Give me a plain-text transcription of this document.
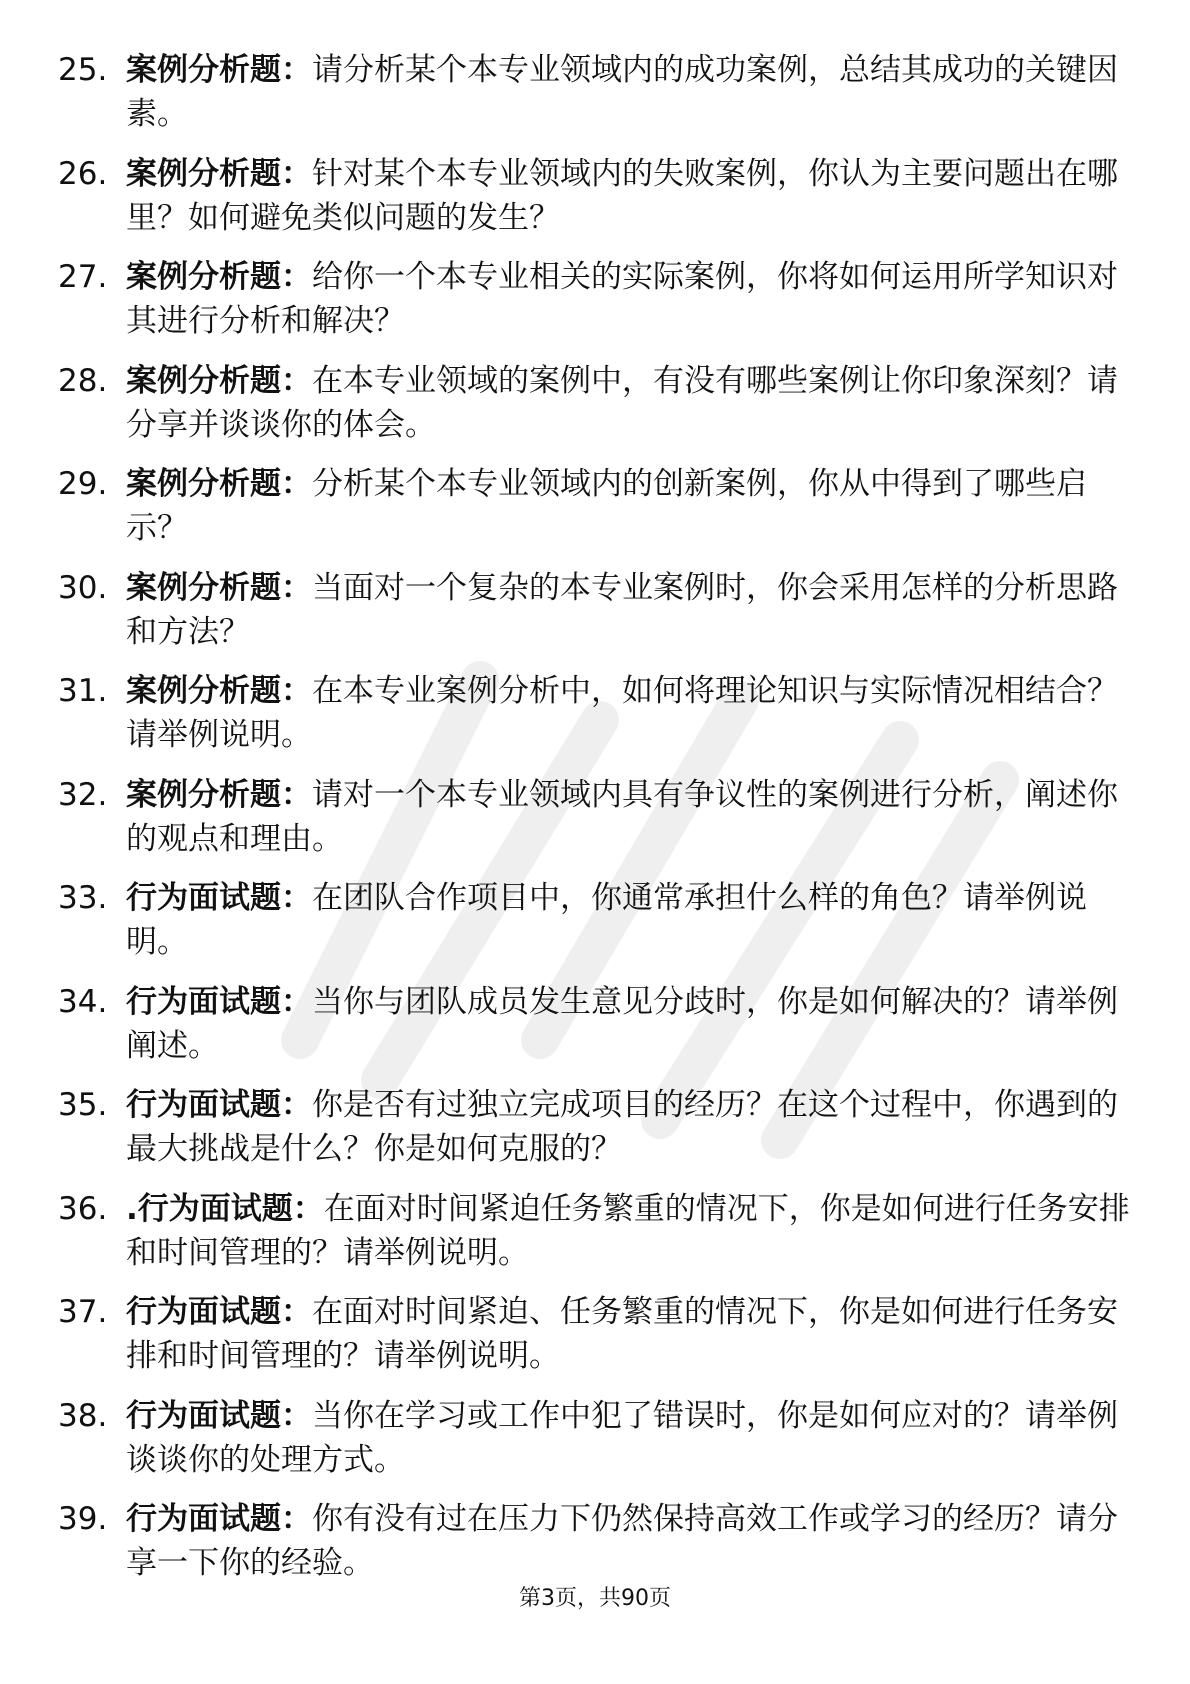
25. 案例分析题：请分析某个本专业领域内的成功案例，总结其成功的关键因素。
26. 案例分析题：针对某个本专业领域内的失败案例，你认为主要问题出在哪里？如何避免类似问题的发生？
27. 案例分析题：给你一个本专业相关的实际案例，你将如何运用所学知识对其进行分析和解决？
28. 案例分析题：在本专业领域的案例中，有没有哪些案例让你印象深刻？请分享并谈谈你的体会。
29. 案例分析题：分析某个本专业领域内的创新案例，你从中得到了哪些启示？
30. 案例分析题：当面对一个复杂的本专业案例时，你会采用怎样的分析思路和方法？
31. 案例分析题：在本专业案例分析中，如何将理论知识与实际情况相结合？请举例说明。
32. 案例分析题：请对一个本专业领域内具有争议性的案例进行分析，阐述你的观点和理由。
33. 行为面试题：在团队合作项目中，你通常承担什么样的角色？请举例说明。
34. 行为面试题：当你与团队成员发生意见分歧时，你是如何解决的？请举例阐述。
35. 行为面试题：你是否有过独立完成项目的经历？在这个过程中，你遇到的最大挑战是什么？你是如何克服的？
36. .行为面试题：在面对时间紧迫任务繁重的情况下，你是如何进行任务安排和时间管理的？请举例说明。
37. 行为面试题：在面对时间紧迫、任务繁重的情况下，你是如何进行任务安排和时间管理的？请举例说明。
38. 行为面试题：当你在学习或工作中犯了错误时，你是如何应对的？请举例谈谈你的处理方式。
39. 行为面试题：你有没有过在压力下仍然保持高效工作或学习的经历？请分享一下你的经验。
第3页，共90页
